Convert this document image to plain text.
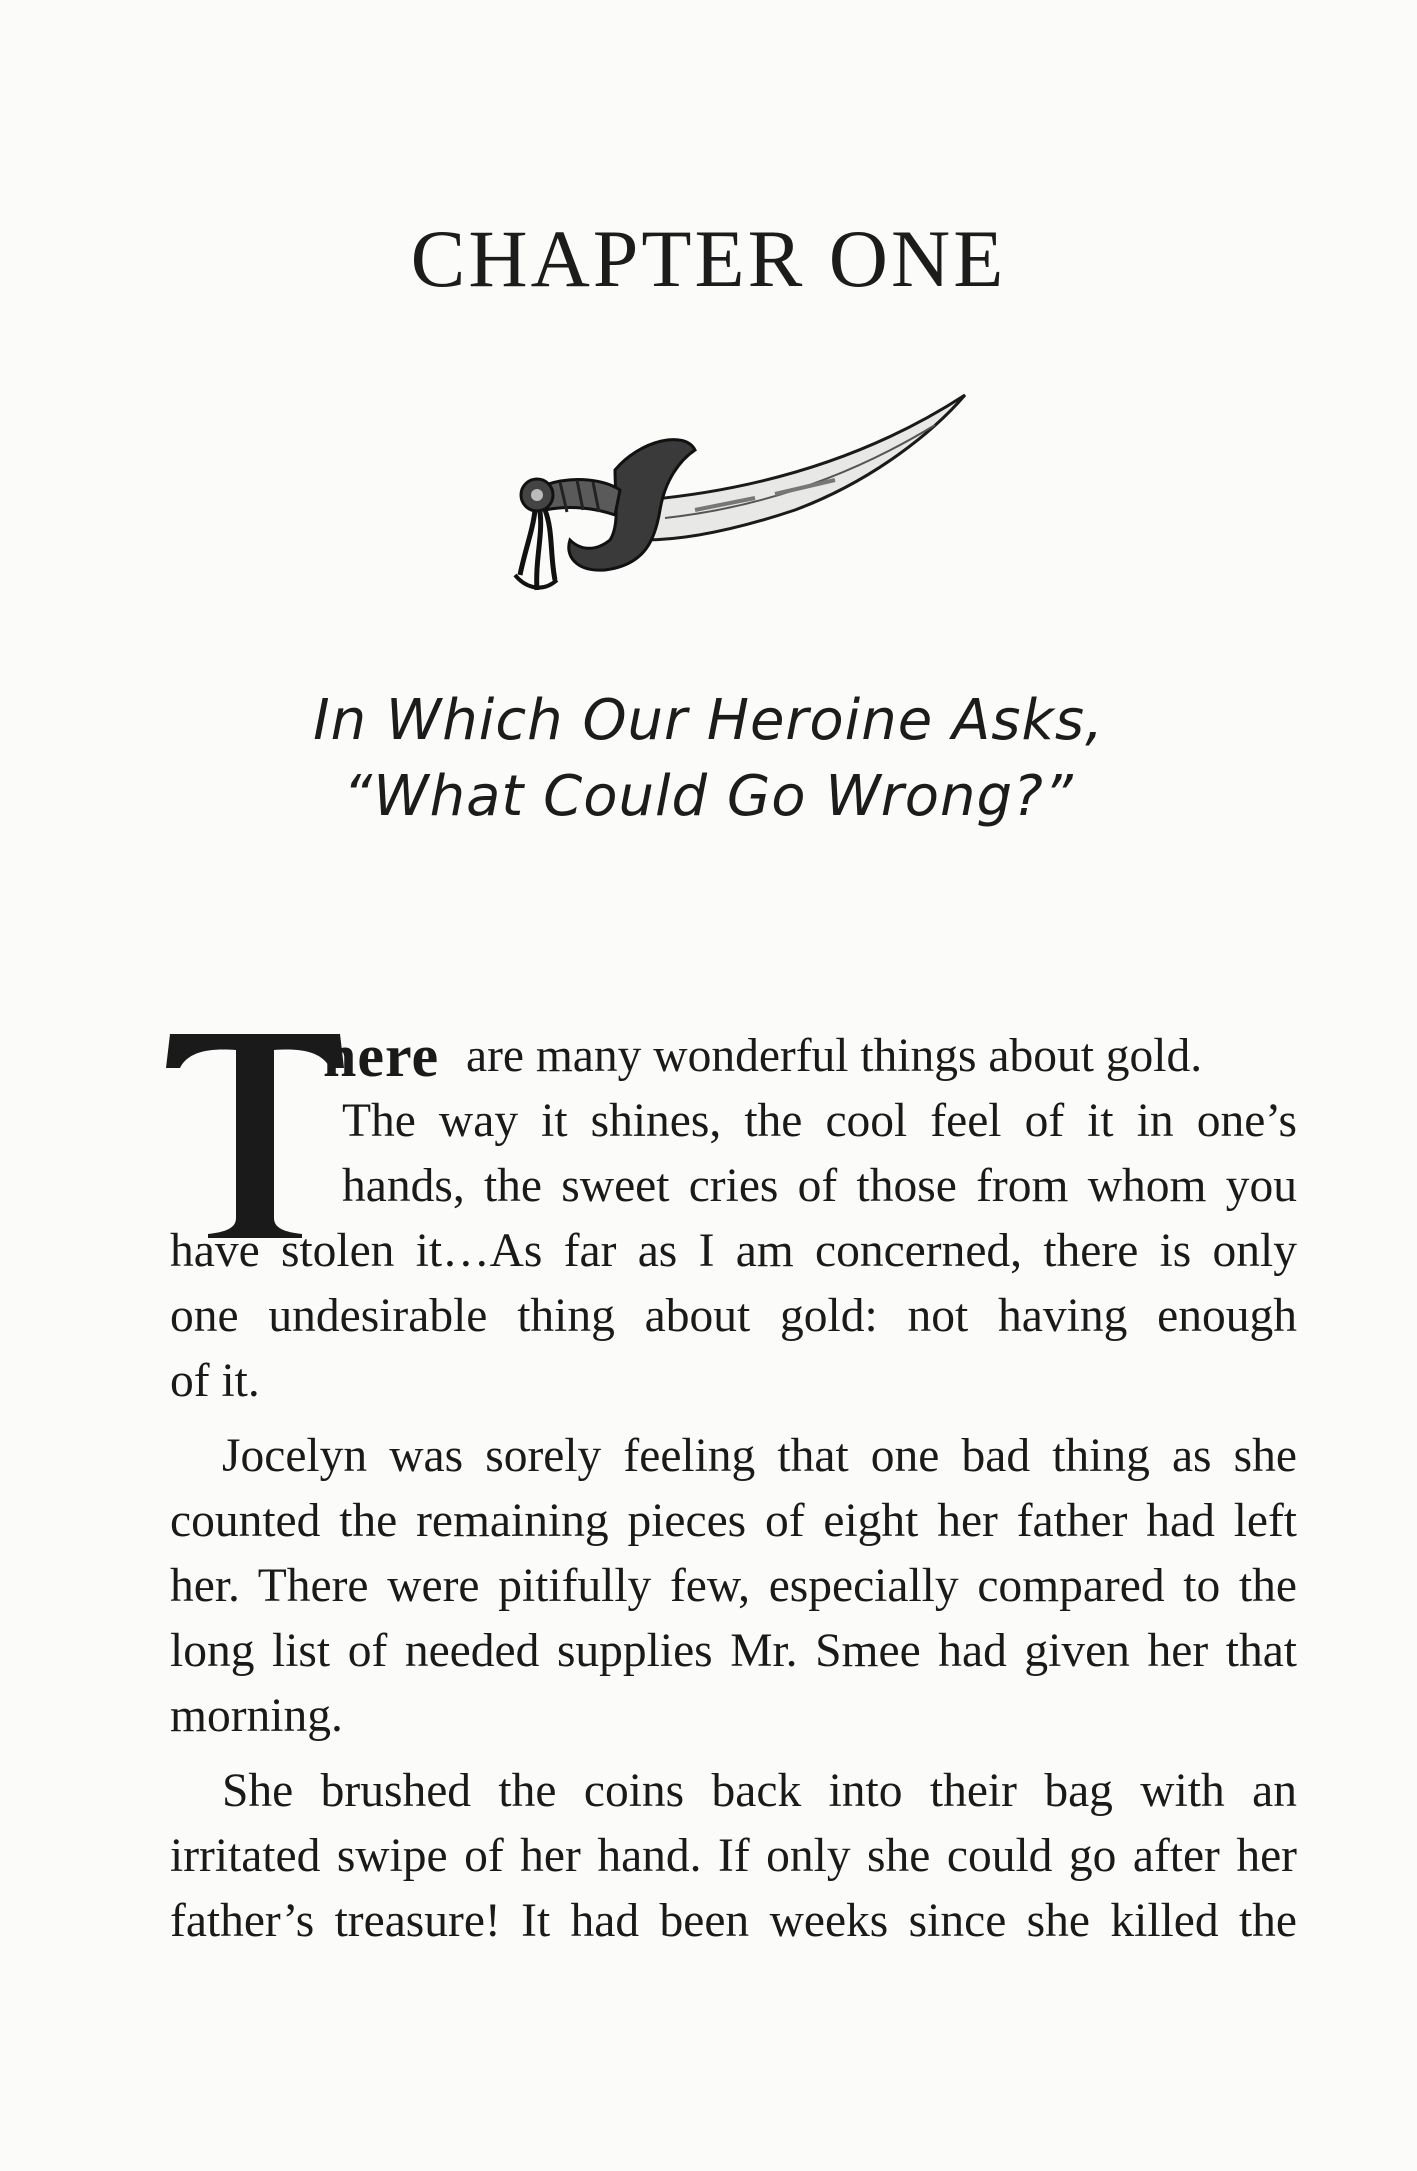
CHAPTER ONE
In Which Our Heroine Asks,
“What Could Go Wrong?”
T	here are many wonderful things about gold.
The way it shines, the cool feel of it in one’s
hands, the sweet cries of those from whom you
have stolen it…As far as I am concerned, there is only
one undesirable thing about gold: not having enough
of it.
Jocelyn was sorely feeling that one bad thing as she
counted the remaining pieces of eight her father had left
her. There were pitifully few, especially compared to the
long list of needed supplies Mr. Smee had given her that
morning.
She brushed the coins back into their bag with an
irritated swipe of her hand. If only she could go after her
father’s treasure! It had been weeks since she killed the
